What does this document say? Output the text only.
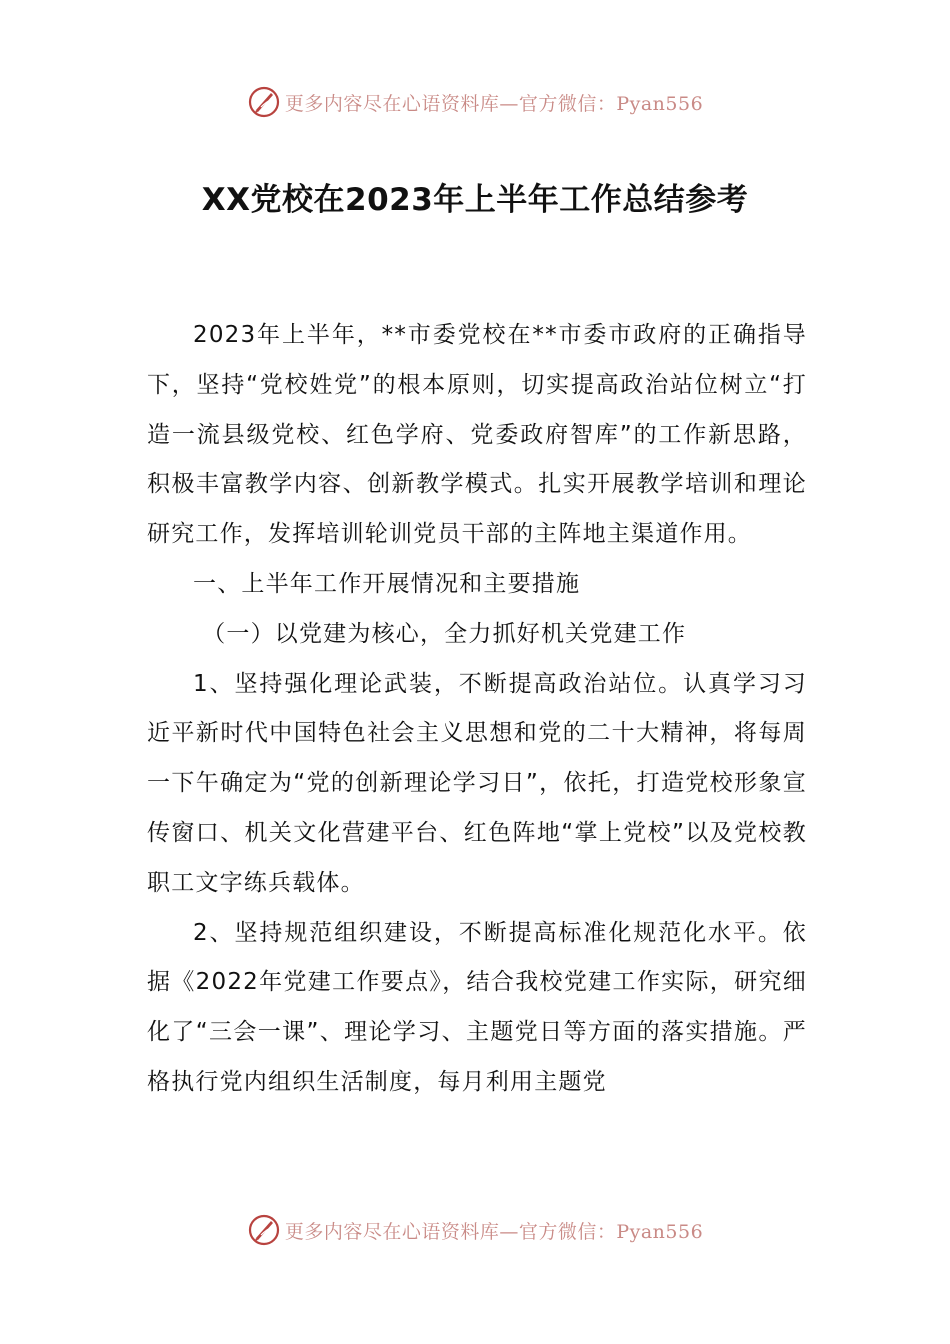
更多内容尽在心语资料库—官方微信：Pyan556
XX党校在2023年上半年工作总结参考

2023年上半年，**市委党校在**市委市政府的正确指导下，坚持“党校姓党”的根本原则，切实提高政治站位树立“打造一流县级党校、红色学府、党委政府智库”的工作新思路，积极丰富教学内容、创新教学模式。扎实开展教学培训和理论研究工作，发挥培训轮训党员干部的主阵地主渠道作用。

一、上半年工作开展情况和主要措施

（一）以党建为核心，全力抓好机关党建工作

1、坚持强化理论武装，不断提高政治站位。认真学习习近平新时代中国特色社会主义思想和党的二十大精神，将每周一下午确定为“党的创新理论学习日”，依托，打造党校形象宣传窗口、机关文化营建平台、红色阵地“掌上党校”以及党校教职工文字练兵载体。

2、坚持规范组织建设，不断提高标准化规范化水平。依据《2022年党建工作要点》，结合我校党建工作实际，研究细化了“三会一课”、理论学习、主题党日等方面的落实措施。严格执行党内组织生活制度，每月利用主题党

更多内容尽在心语资料库—官方微信：Pyan556
